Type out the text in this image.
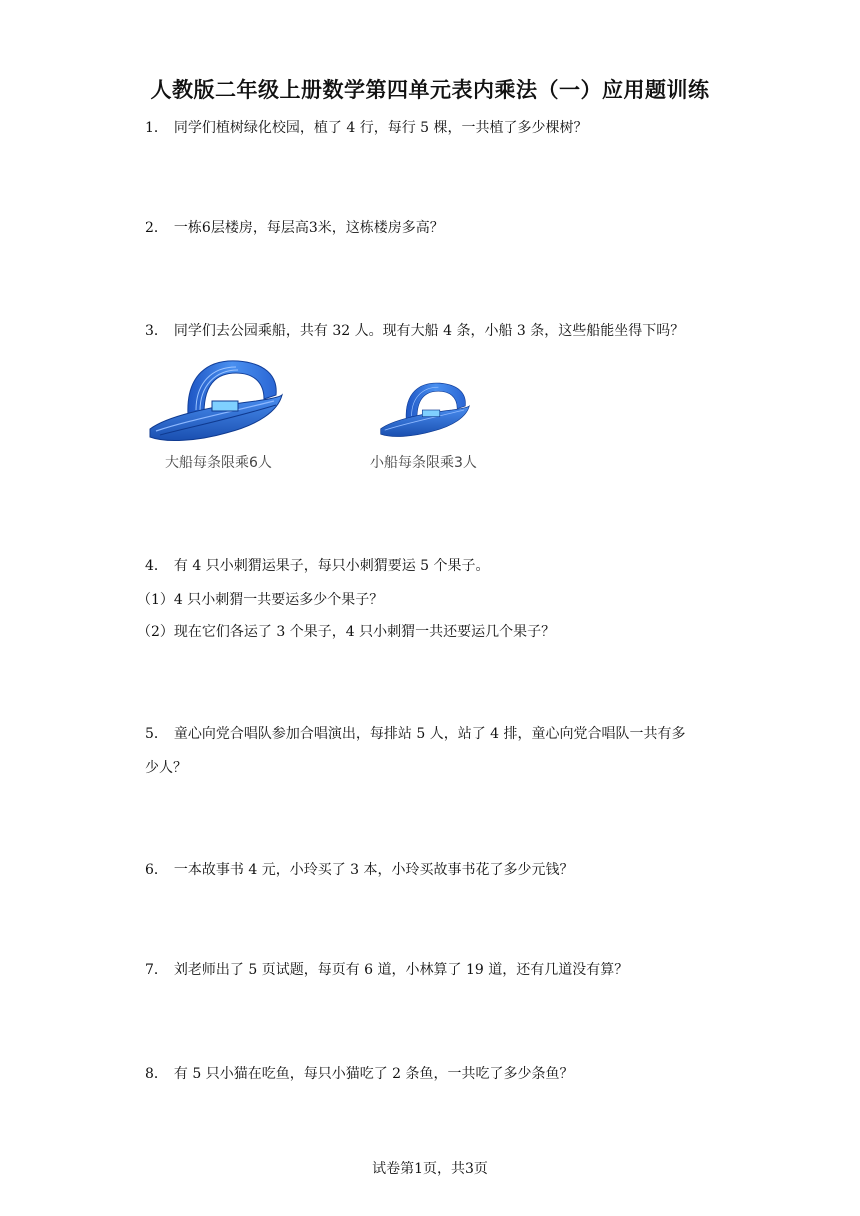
人教版二年级上册数学第四单元表内乘法（一）应用题训练
1． 同学们植树绿化校园，植了 4 行，每行 5 棵，一共植了多少棵树？
2． 一栋6层楼房，每层高3米，这栋楼房多高？
3． 同学们去公园乘船，共有 32 人。现有大船 4 条，小船 3 条，这些船能坐得下吗？
大船每条限乘6人	小船每条限乘3人
4． 有 4 只小刺猬运果子，每只小刺猬要运 5 个果子。
（1）4 只小刺猬一共要运多少个果子？
（2）现在它们各运了 3 个果子，4 只小刺猬一共还要运几个果子？
5． 童心向党合唱队参加合唱演出，每排站 5 人，站了 4 排，童心向党合唱队一共有多
少人？
6． 一本故事书 4 元，小玲买了 3 本，小玲买故事书花了多少元钱？
7． 刘老师出了 5 页试题，每页有 6 道，小林算了 19 道，还有几道没有算？
8． 有 5 只小猫在吃鱼，每只小猫吃了 2 条鱼，一共吃了多少条鱼？
试卷第1页，共3页
